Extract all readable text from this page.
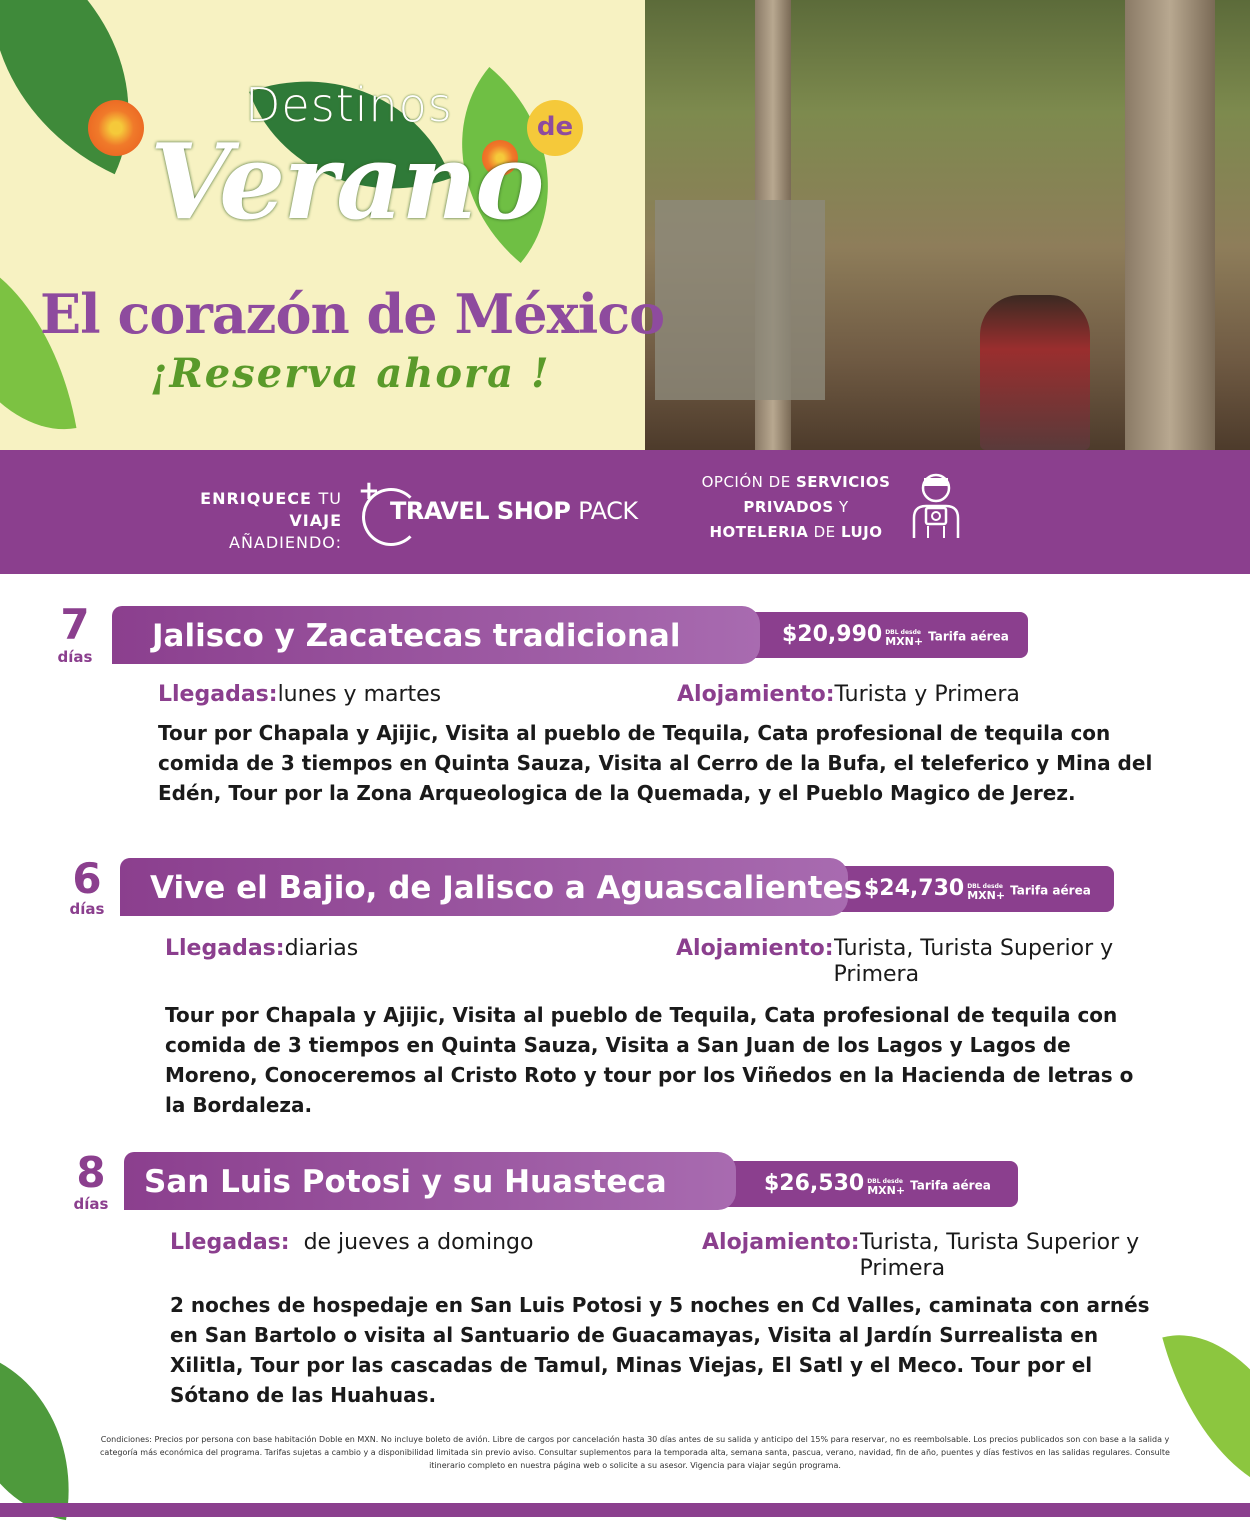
Destinos	de
Verano
El corazón de México
¡Reserva ahora !
ENRIQUECE TU
VIAJE AÑADIENDO:
+
TRAVEL SHOP PACK
OPCIÓN DE SERVICIOS
PRIVADOS Y
HOTELERIA DE LUJO
7
días
$20,990 DBL desde
MXN+ Tarifa aérea
Jalisco y Zacatecas tradicional
Llegadas:lunes y martes	Alojamiento:Turista y Primera
Tour por Chapala y Ajijic, Visita al pueblo de Tequila, Cata profesional de tequila con comida de 3 tiempos en Quinta Sauza, Visita al Cerro de la Bufa, el teleferico y Mina del Edén, Tour por la Zona Arqueologica de la Quemada, y el Pueblo Magico de Jerez.
6
días
$24,730 DBL desde
MXN+ Tarifa aérea
Vive el Bajio, de Jalisco a Aguascalientes
Llegadas:diarias	Alojamiento: Turista, Turista Superior y Primera
Tour por Chapala y Ajijic, Visita al pueblo de Tequila, Cata profesional de tequila con comida de 3 tiempos en Quinta Sauza, Visita a San Juan de los Lagos y Lagos de Moreno, Conoceremos al Cristo Roto y tour por los Viñedos en la Hacienda de letras o la Bordaleza.
8
días
$26,530 DBL desde
MXN+ Tarifa aérea
San Luis Potosi y su Huasteca
Llegadas: de jueves a domingo	Alojamiento: Turista, Turista Superior y Primera
2 noches de hospedaje en San Luis Potosi y 5 noches en Cd Valles, caminata con arnés en San Bartolo o visita al Santuario de Guacamayas, Visita al Jardín Surrealista en Xilitla, Tour por las cascadas de Tamul, Minas Viejas, El Satl y el Meco. Tour por el Sótano de las Huahuas.
Condiciones: Precios por persona con base habitación Doble en MXN. No incluye boleto de avión. Libre de cargos por cancelación hasta 30 días antes de su salida y anticipo del 15% para reservar, no es reembolsable. Los precios publicados son con base a la salida y categoría más económica del programa. Tarifas sujetas a cambio y a disponibilidad limitada sin previo aviso. Consultar suplementos para la temporada alta, semana santa, pascua, verano, navidad, fin de año, puentes y días festivos en las salidas regulares. Consulte itinerario completo en nuestra página web o solicite a su asesor. Vigencia para viajar según programa.
